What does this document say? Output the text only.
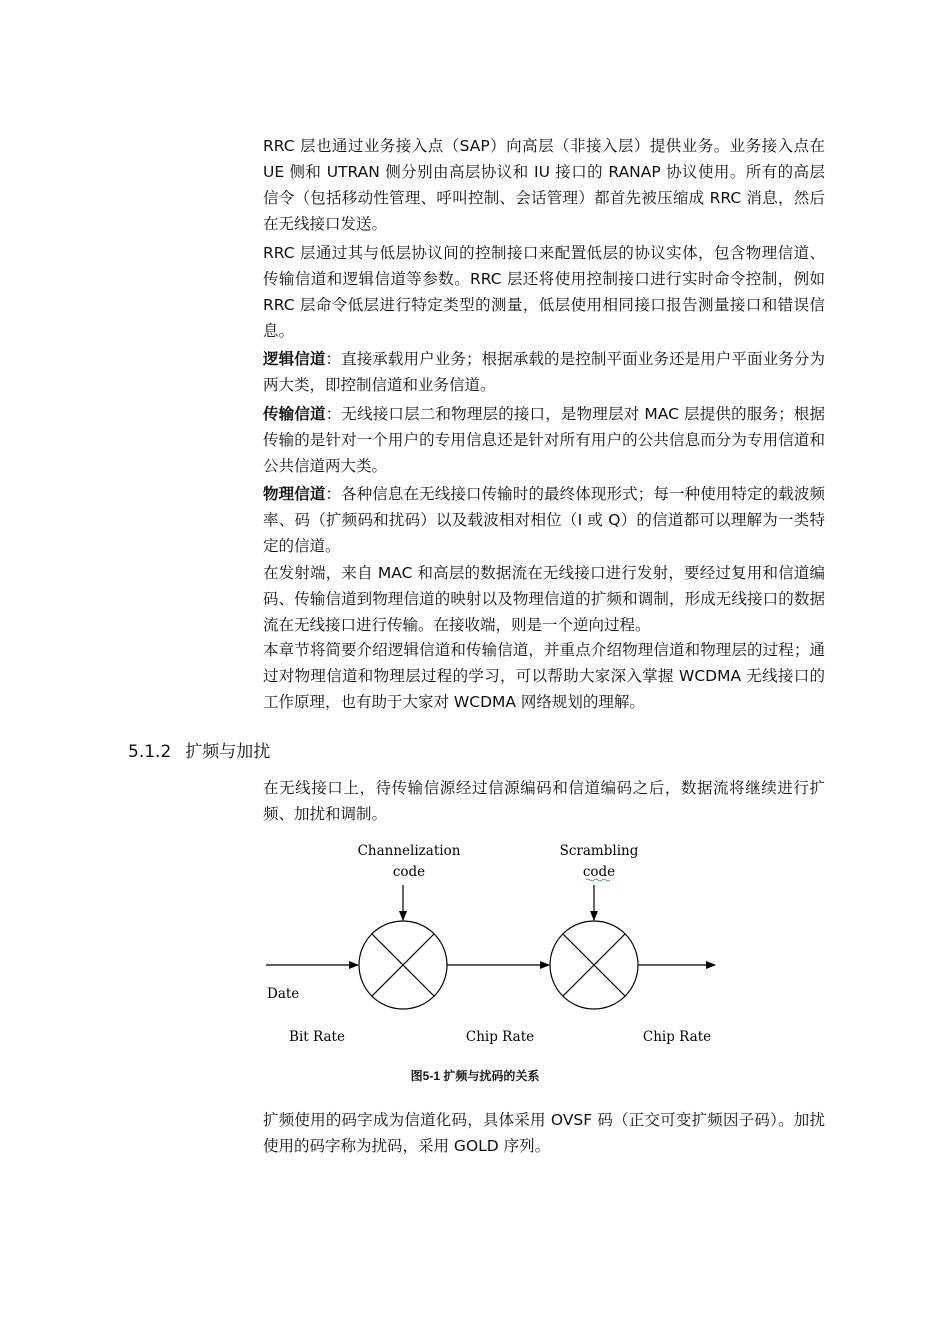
RRC 层也通过业务接入点（SAP）向高层（非接入层）提供业务。业务接入点在 UE 侧和 UTRAN 侧分别由高层协议和 IU 接口的 RANAP 协议使用。所有的高层信令（包括移动性管理、呼叫控制、会话管理）都首先被压缩成 RRC 消息，然后在无线接口发送。

RRC 层通过其与低层协议间的控制接口来配置低层的协议实体，包含物理信道、传输信道和逻辑信道等参数。RRC 层还将使用控制接口进行实时命令控制，例如 RRC 层命令低层进行特定类型的测量，低层使用相同接口报告测量接口和错误信息。

逻辑信道：直接承载用户业务；根据承载的是控制平面业务还是用户平面业务分为两大类，即控制信道和业务信道。

传输信道：无线接口层二和物理层的接口，是物理层对 MAC 层提供的服务；根据传输的是针对一个用户的专用信息还是针对所有用户的公共信息而分为专用信道和公共信道两大类。

物理信道：各种信息在无线接口传输时的最终体现形式；每一种使用特定的载波频率、码（扩频码和扰码）以及载波相对相位（I 或 Q）的信道都可以理解为一类特定的信道。

在发射端，来自 MAC 和高层的数据流在无线接口进行发射，要经过复用和信道编码、传输信道到物理信道的映射以及物理信道的扩频和调制，形成无线接口的数据流在无线接口进行传输。在接收端，则是一个逆向过程。

本章节将简要介绍逻辑信道和传输信道，并重点介绍物理信道和物理层的过程；通过对物理信道和物理层过程的学习，可以帮助大家深入掌握 WCDMA 无线接口的工作原理，也有助于大家对 WCDMA 网络规划的理解。

5.1.2 扩频与加扰

在无线接口上，待传输信源经过信源编码和信道编码之后，数据流将继续进行扩频、加扰和调制。

Channelization
code
Scrambling
code
Date
Bit Rate	Chip Rate	Chip Rate
图5-1 扩频与扰码的关系

扩频使用的码字成为信道化码，具体采用 OVSF 码（正交可变扩频因子码）。加扰使用的码字称为扰码，采用 GOLD 序列。
